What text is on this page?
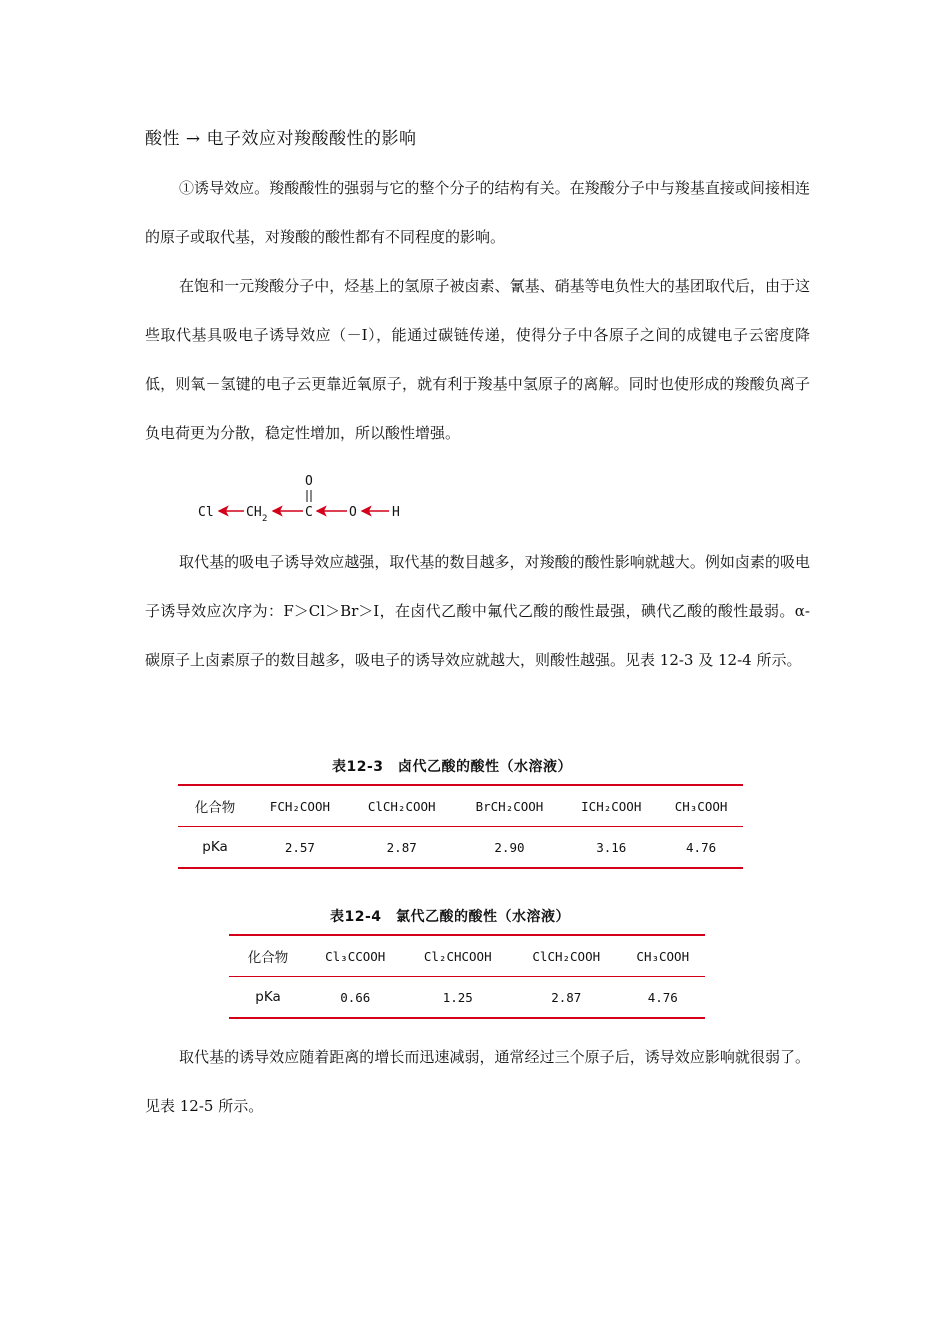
酸性 → 电子效应对羧酸酸性的影响
①诱导效应。羧酸酸性的强弱与它的整个分子的结构有关。在羧酸分子中与羧基直接或间接相连的原子或取代基，对羧酸的酸性都有不同程度的影响。
在饱和一元羧酸分子中，烃基上的氢原子被卤素、氰基、硝基等电负性大的基团取代后，由于这些取代基具吸电子诱导效应（－I），能通过碳链传递，使得分子中各原子之间的成键电子云密度降低，则氧－氢键的电子云更靠近氧原子，就有利于羧基中氢原子的离解。同时也使形成的羧酸负离子负电荷更为分散，稳定性增加，所以酸性增强。
O
Cl CH 2	C	O	H
取代基的吸电子诱导效应越强，取代基的数目越多，对羧酸的酸性影响就越大。例如卤素的吸电子诱导效应次序为：F＞Cl＞Br＞I，在卤代乙酸中氟代乙酸的酸性最强，碘代乙酸的酸性最弱。α-碳原子上卤素原子的数目越多，吸电子的诱导效应就越大，则酸性越强。见表 12-3 及 12-4 所示。
表12-3　卤代乙酸的酸性（水溶液）
化合物	FCH₂COOH	ClCH₂COOH	BrCH₂COOH	ICH₂COOH	CH₃COOH
pKa	2.57	2.87	2.90	3.16	4.76
表12-4　氯代乙酸的酸性（水溶液）
化合物	Cl₃CCOOH	Cl₂CHCOOH	ClCH₂COOH	CH₃COOH
pKa	0.66	1.25	2.87	4.76
取代基的诱导效应随着距离的增长而迅速减弱，通常经过三个原子后，诱导效应影响就很弱了。见表 12-5 所示。
